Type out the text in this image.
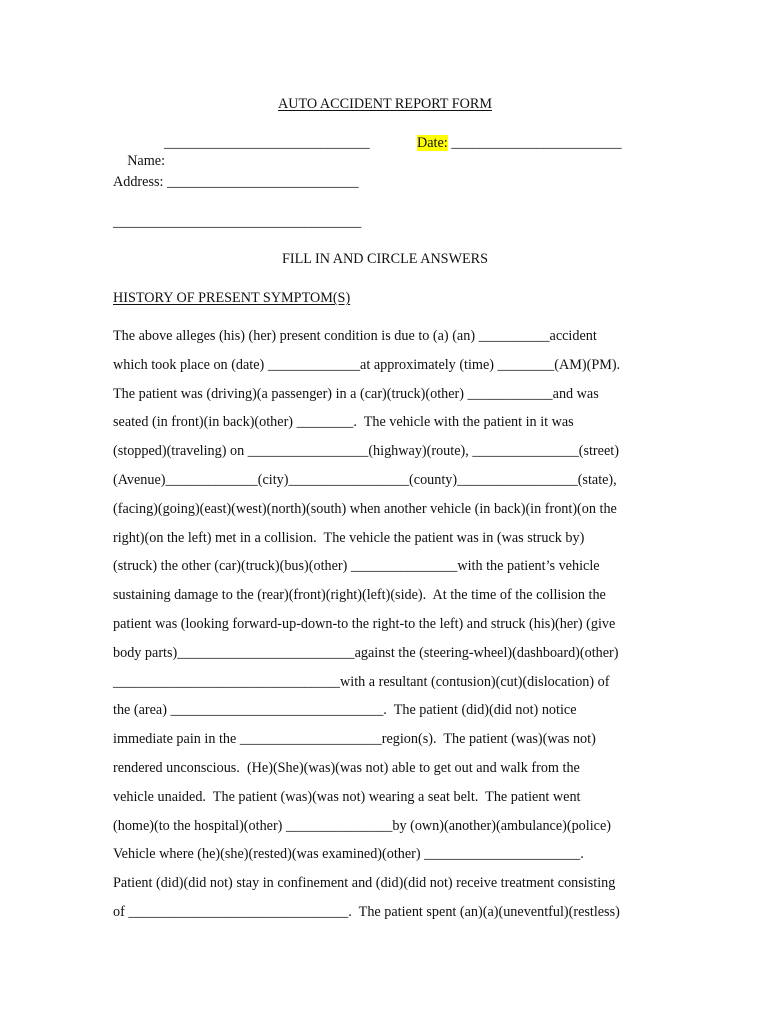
AUTO ACCIDENT REPORT FORM

Name:

_____________________________	Date: ________________________
Address: ___________________________
___________________________________
FILL IN AND CIRCLE ANSWERS
HISTORY OF PRESENT SYMPTOM(S)
The above alleges (his) (her) present condition is due to (a) (an) __________accident
which took place on (date) _____________at approximately (time) ________(AM)(PM).
The patient was (driving)(a passenger) in a (car)(truck)(other) ____________and was
seated (in front)(in back)(other) ________.  The vehicle with the patient in it was
(stopped)(traveling) on _________________(highway)(route), _______________(street)
(Avenue)_____________(city)_________________(county)_________________(state),
(facing)(going)(east)(west)(north)(south) when another vehicle (in back)(in front)(on the
right)(on the left) met in a collision.  The vehicle the patient was in (was struck by)
(struck) the other (car)(truck)(bus)(other) _______________with the patient’s vehicle
sustaining damage to the (rear)(front)(right)(left)(side).  At the time of the collision the
patient was (looking forward-up-down-to the right-to the left) and struck (his)(her) (give
body parts)_________________________against the (steering-wheel)(dashboard)(other)
________________________________with a resultant (contusion)(cut)(dislocation) of
the (area) ______________________________.  The patient (did)(did not) notice
immediate pain in the ____________________region(s).  The patient (was)(was not)
rendered unconscious.  (He)(She)(was)(was not) able to get out and walk from the
vehicle unaided.  The patient (was)(was not) wearing a seat belt.  The patient went
(home)(to the hospital)(other) _______________by (own)(another)(ambulance)(police)
Vehicle where (he)(she)(rested)(was examined)(other) ______________________.
Patient (did)(did not) stay in confinement and (did)(did not) receive treatment consisting
of _______________________________.  The patient spent (an)(a)(uneventful)(restless)
